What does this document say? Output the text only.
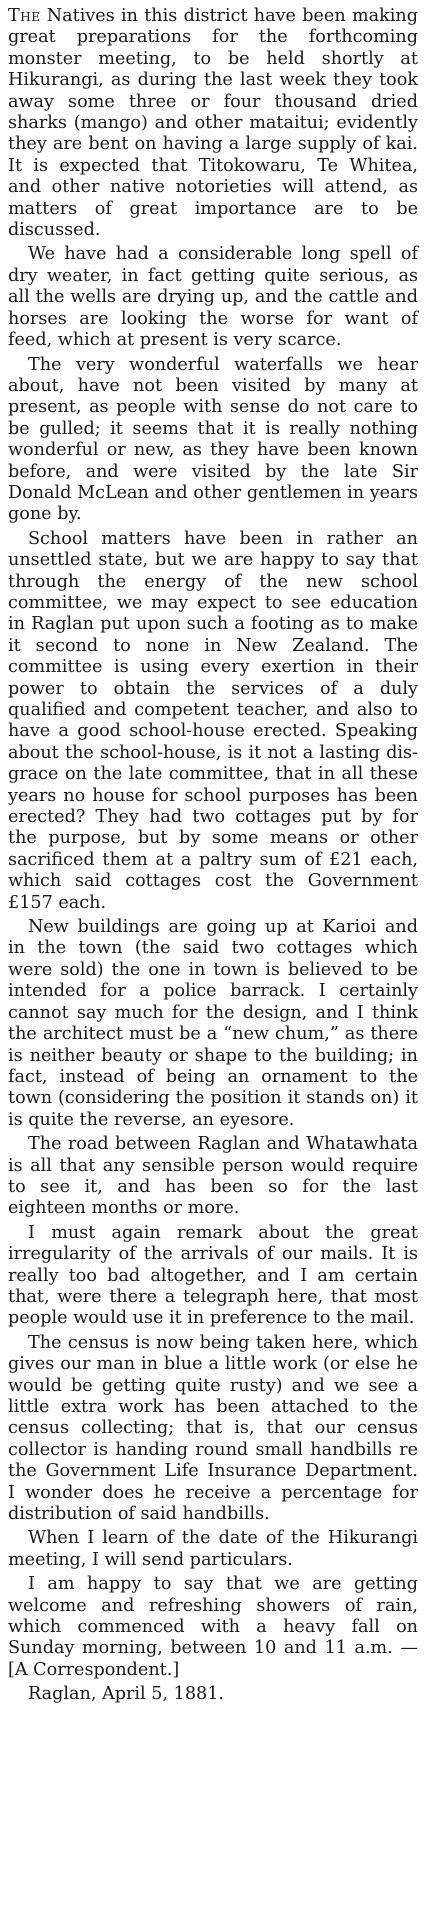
The Natives in this district have been making great preparations for the forthcoming monster meeting, to be held shortly at Hikurangi, as during the last week they took away some three or four thousand dried sharks (mango) and other mataitui; evidently they are bent on having a large supply of kai. It is expected that Titokowaru, Te Whitea, and other native notorieties will attend, as matters of great importance are to be discussed.

We have had a considerable long spell of dry weater, in fact getting quite serious, as all the wells are drying up, and the cattle and horses are looking the worse for want of feed, which at present is very scarce.

The very wonderful waterfalls we hear about, have not been visited by many at present, as people with sense do not care to be gulled; it seems that it is really nothing wonderful or new, as they have been known before, and were visited by the late Sir Donald McLean and other gentlemen in years gone by.

School matters have been in rather an unsettled state, but we are happy to say that through the energy of the new school committee, we may expect to see education in Raglan put upon such a footing as to make it second to none in New Zealand. The committee is using every exertion in their power to obtain the services of a duly qualified and competent teacher, and also to have a good school-house erected. Speaking about the school-house, is it not a lasting disgrace on the late committee, that in all these years no house for school purposes has been erected? They had two cottages put by for the purpose, but by some means or other sacrificed them at a paltry sum of £21 each, which said cottages cost the Government £157 each.

New buildings are going up at Karioi and in the town (the said two cottages which were sold) the one in town is believed to be intended for a police barrack. I certainly cannot say much for the design, and I think the architect must be a “new chum,” as there is neither beauty or shape to the building; in fact, instead of being an ornament to the town (considering the position it stands on) it is quite the reverse, an eyesore.

The road between Raglan and Whatawhata is all that any sensible person would require to see it, and has been so for the last eighteen months or more.

I must again remark about the great irregularity of the arrivals of our mails. It is really too bad altogether, and I am certain that, were there a telegraph here, that most people would use it in preference to the mail.

The census is now being taken here, which gives our man in blue a little work (or else he would be getting quite rusty) and we see a little extra work has been attached to the census collecting; that is, that our census collector is handing round small handbills re the Government Life Insurance Department. I wonder does he receive a percentage for distribution of said handbills.

When I learn of the date of the Hikurangi meeting, I will send particulars.

I am happy to say that we are getting welcome and refreshing showers of rain, which commenced with a heavy fall on Sunday morning, between 10 and 11 a.m. —[A Correspondent.]

Raglan, April 5, 1881.
